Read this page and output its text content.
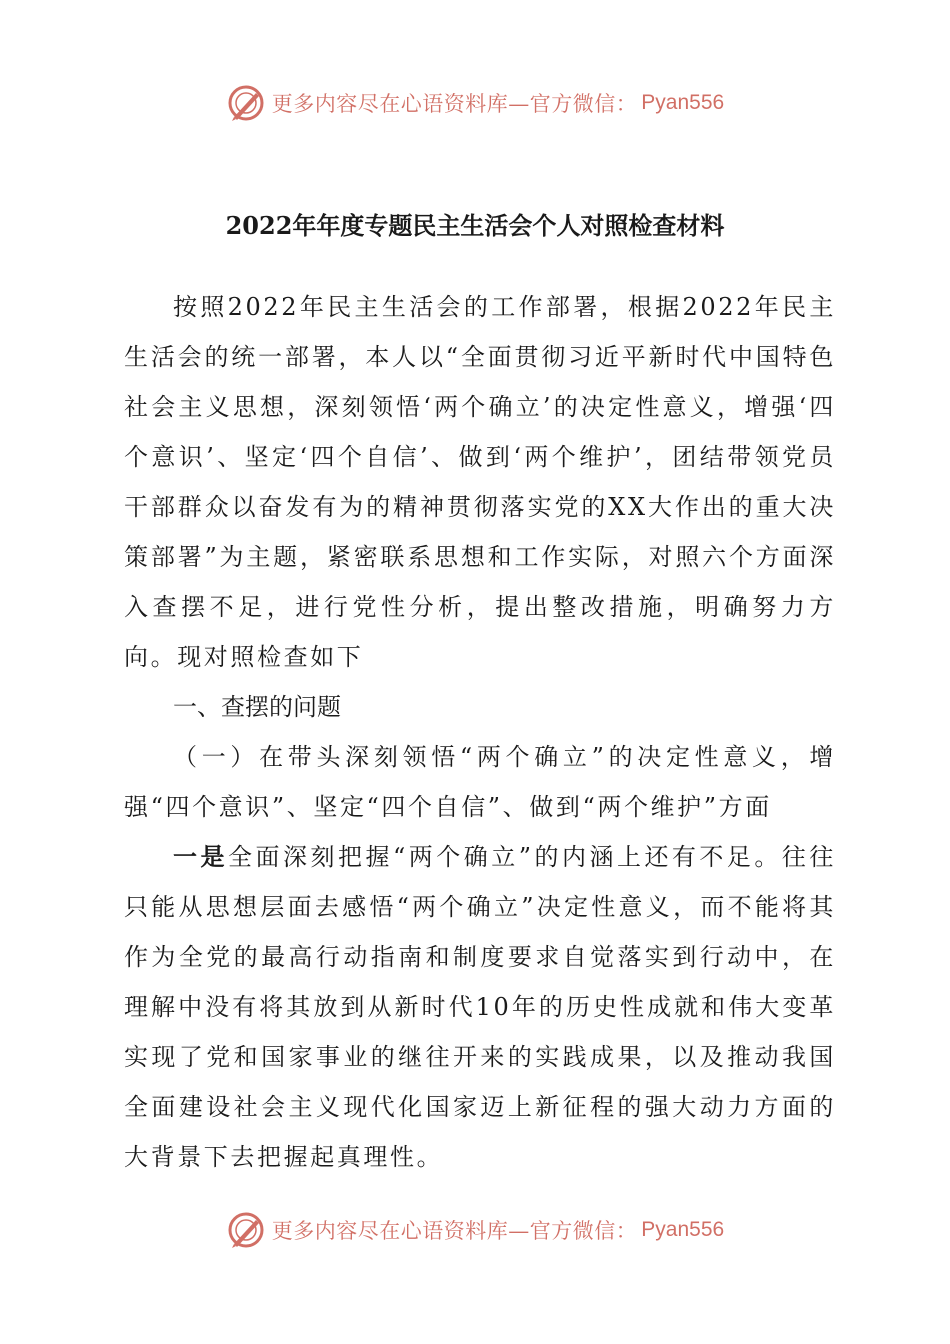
更多内容尽在心语资料库—官方微信： Pyan556
2022年年度专题民主生活会个人对照检查材料

按照2022年民主生活会的工作部署，根据2022年民主生活会的统一部署，本人以“全面贯彻习近平新时代中国特色社会主义思想，深刻领悟‘两个确立’的决定性意义，增强‘四个意识’、坚定‘四个自信’、做到‘两个维护’，团结带领党员干部群众以奋发有为的精神贯彻落实党的XX大作出的重大决策部署”为主题，紧密联系思想和工作实际，对照六个方面深入查摆不足，进行党性分析，提出整改措施，明确努力方向。现对照检查如下

一、查摆的问题

（一）在带头深刻领悟“两个确立”的决定性意义，增强“四个意识”、坚定“四个自信”、做到“两个维护”方面

一是全面深刻把握“两个确立”的内涵上还有不足。往往只能从思想层面去感悟“两个确立”决定性意义，而不能将其作为全党的最高行动指南和制度要求自觉落实到行动中，在理解中没有将其放到从新时代10年的历史性成就和伟大变革实现了党和国家事业的继往开来的实践成果，以及推动我国全面建设社会主义现代化国家迈上新征程的强大动力方面的大背景下去把握起真理性。

更多内容尽在心语资料库—官方微信： Pyan556
